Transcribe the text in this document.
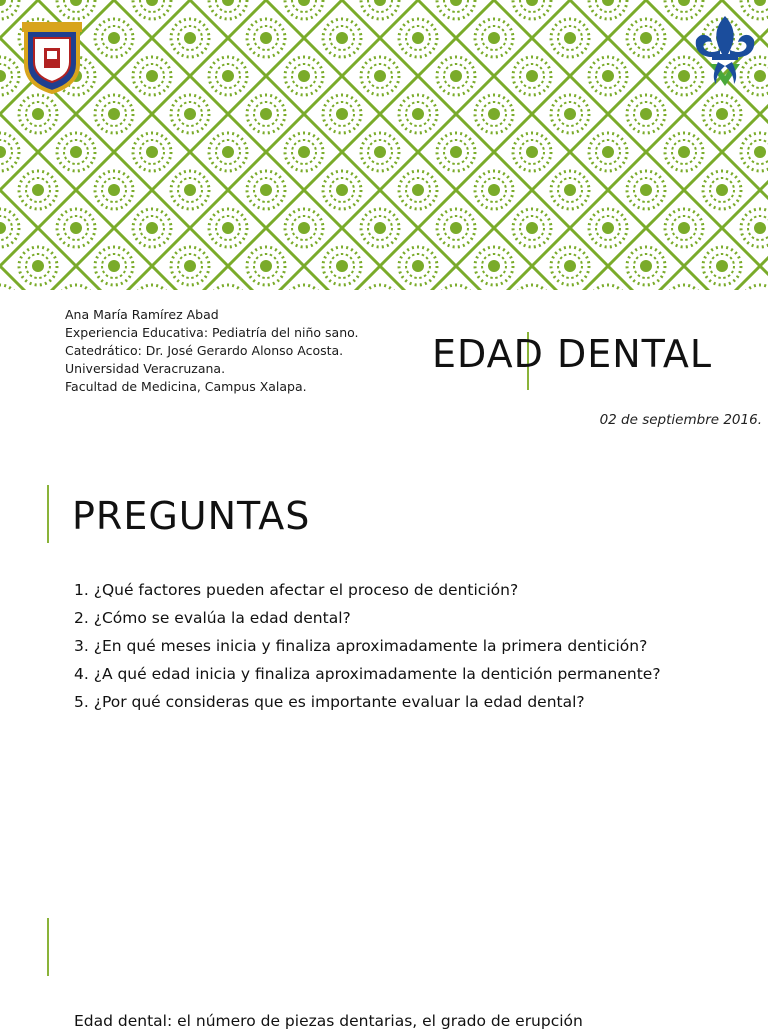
Ana María Ramírez Abad
Experiencia Educativa: Pediatría del niño sano.
Catedrático: Dr. José Gerardo Alonso Acosta.
Universidad Veracruzana.
Facultad de Medicina, Campus Xalapa.
EDAD DENTAL
02 de septiembre 2016.
PREGUNTAS
1. ¿Qué factores pueden afectar el proceso de dentición?
2. ¿Cómo se evalúa la edad dental?
3. ¿En qué meses inicia y finaliza aproximadamente la primera dentición?
4. ¿A qué edad inicia y finaliza aproximadamente la dentición permanente?
5. ¿Por qué consideras que es importante evaluar la edad dental?
Edad dental: el número de piezas dentarias, el grado de erupción
